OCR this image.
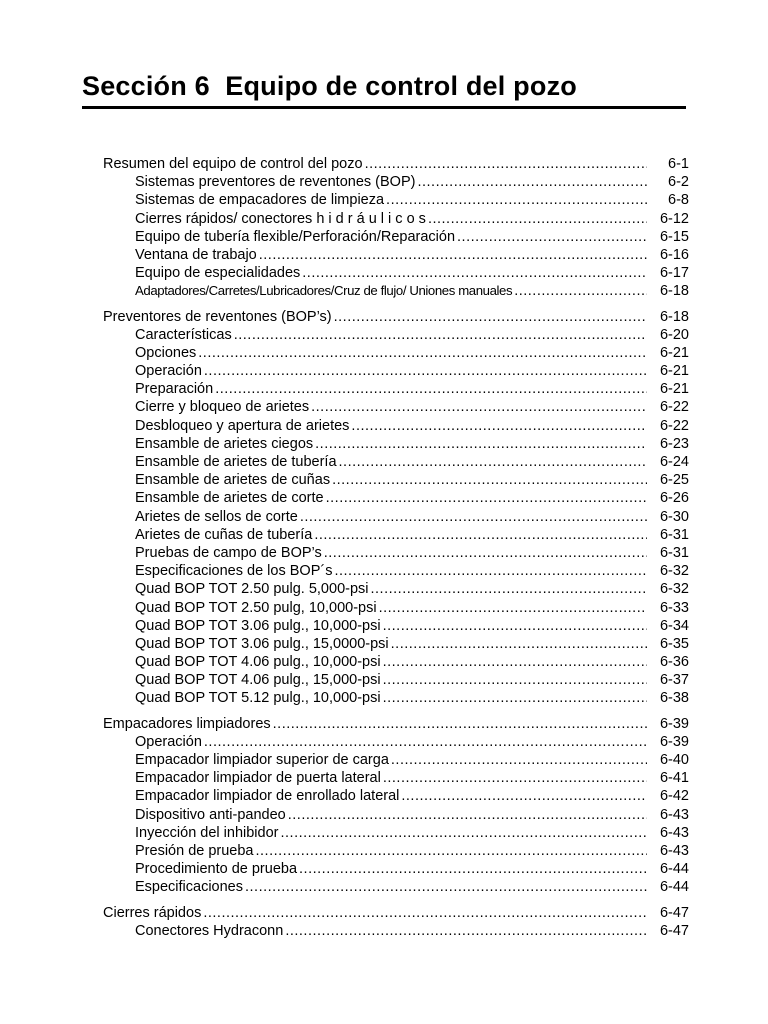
Sección 6 Equipo de control del pozo
Resumen del equipo de control del pozo .....	6-1
Sistemas preventores de reventones (BOP) .....	6-2
Sistemas de empacadores de limpieza .....	6-8
Cierres rápidos/ conectores h i d r á u l i c o s .....	6-12
Equipo de tubería flexible/Perforación/Reparación .....	6-15
Ventana de trabajo .....	6-16
Equipo de especialidades .....	6-17
Adaptadores/Carretes/Lubricadores/Cruz de flujo/ Uniones manuales .....	6-18
Preventores de reventones (BOP’s) .....	6-18
Características .....	6-20
Opciones .....	6-21
Operación .....	6-21
Preparación .....	6-21
Cierre y bloqueo de arietes .....	6-22
Desbloqueo y apertura de arietes .....	6-22
Ensamble de arietes ciegos .....	6-23
Ensamble de arietes de tubería .....	6-24
Ensamble de arietes de cuñas .....	6-25
Ensamble de arietes de corte .....	6-26
Arietes de sellos de corte .....	6-30
Arietes de cuñas de tubería .....	6-31
Pruebas de campo de BOP’s .....	6-31
Especificaciones de los BOP´s .....	6-32
Quad BOP TOT 2.50 pulg. 5,000-psi .....	6-32
Quad BOP TOT 2.50 pulg, 10,000-psi .....	6-33
Quad BOP TOT 3.06 pulg., 10,000-psi .....	6-34
Quad BOP TOT 3.06 pulg., 15,0000-psi .....	6-35
Quad BOP TOT 4.06 pulg., 10,000-psi .....	6-36
Quad BOP TOT 4.06 pulg., 15,000-psi .....	6-37
Quad BOP TOT 5.12 pulg., 10,000-psi .....	6-38
Empacadores limpiadores .....	6-39
Operación .....	6-39
Empacador limpiador superior de carga .....	6-40
Empacador limpiador de puerta lateral .....	6-41
Empacador limpiador de enrollado lateral .....	6-42
Dispositivo anti-pandeo .....	6-43
Inyección del inhibidor .....	6-43
Presión de prueba .....	6-43
Procedimiento de prueba .....	6-44
Especificaciones .....	6-44
Cierres rápidos .....	6-47
Conectores Hydraconn .....	6-47
